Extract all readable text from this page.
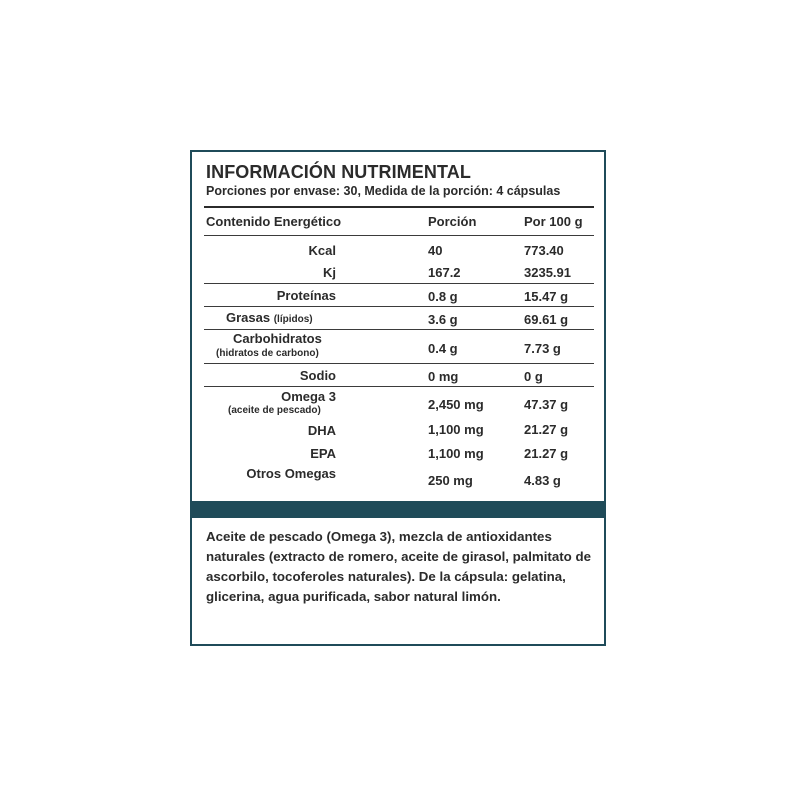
INFORMACIÓN NUTRIMENTAL
Porciones por envase: 30, Medida de la porción: 4 cápsulas
Contenido Energético	Porción	Por 100 g
Kcal	40	773.40
Kj	167.2	3235.91
Proteínas	0.8 g	15.47 g
Grasas (lípidos)	3.6 g	69.61 g
Carbohidratos
(hidratos de carbono)	0.4 g	7.73 g
Sodio	0 mg	0 g
Omega 3
(aceite de pescado)	2,450 mg	47.37 g
DHA	1,100 mg	21.27 g
EPA	1,100 mg	21.27 g
Otros Omegas	250 mg	4.83 g
Aceite de pescado (Omega 3), mezcla de antioxidantes naturales (extracto de romero, aceite de girasol, palmitato de ascorbilo, tocoferoles naturales). De la cápsula: gelatina, glicerina, agua purificada, sabor natural limón.
